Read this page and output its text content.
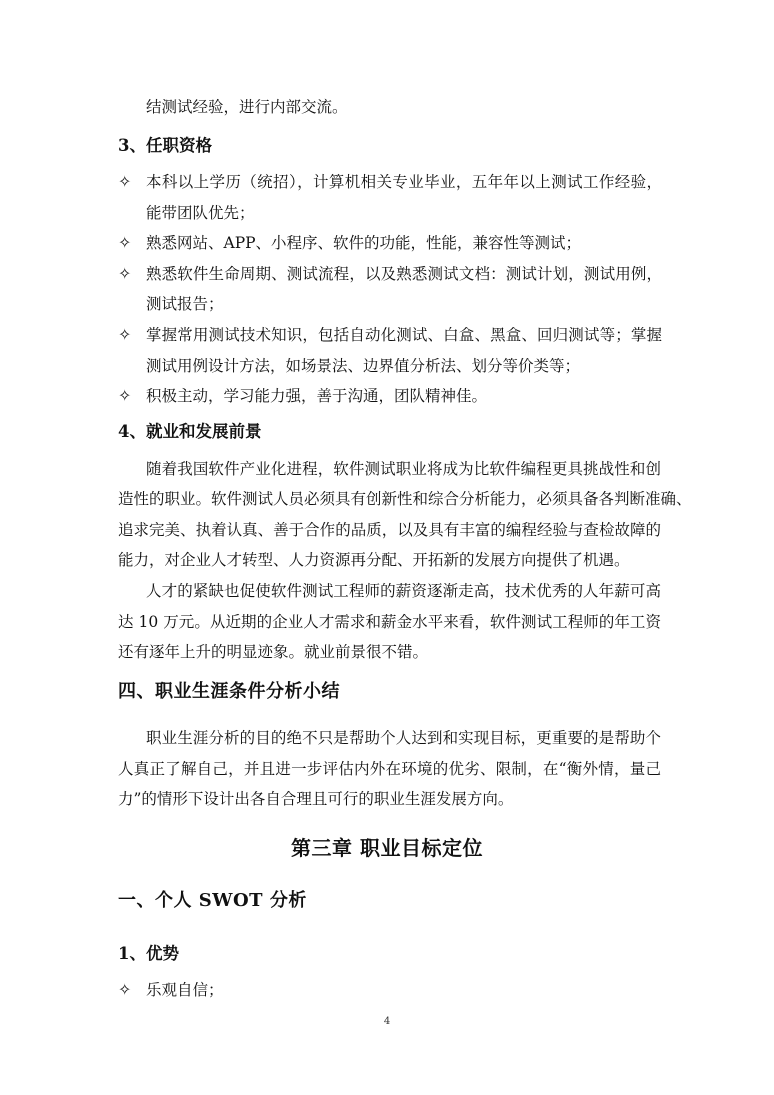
结测试经验，进行内部交流。
3、任职资格
✧ 本科以上学历（统招），计算机相关专业毕业，五年年以上测试工作经验，
能带团队优先；
✧ 熟悉网站、APP、小程序、软件的功能，性能，兼容性等测试；
✧ 熟悉软件生命周期、测试流程，以及熟悉测试文档：测试计划，测试用例，
测试报告；
✧ 掌握常用测试技术知识，包括自动化测试、白盒、黑盒、回归测试等；掌握
测试用例设计方法，如场景法、边界值分析法、划分等价类等；
✧ 积极主动，学习能力强，善于沟通，团队精神佳。
4、就业和发展前景
随着我国软件产业化进程，软件测试职业将成为比软件编程更具挑战性和创
造性的职业。软件测试人员必须具有创新性和综合分析能力，必须具备各判断准确、
追求完美、执着认真、善于合作的品质，以及具有丰富的编程经验与查检故障的
能力，对企业人才转型、人力资源再分配、开拓新的发展方向提供了机遇。
人才的紧缺也促使软件测试工程师的薪资逐渐走高，技术优秀的人年薪可高
达 10 万元。从近期的企业人才需求和薪金水平来看，软件测试工程师的年工资
还有逐年上升的明显迹象。就业前景很不错。
四、职业生涯条件分析小结
职业生涯分析的目的绝不只是帮助个人达到和实现目标，更重要的是帮助个
人真正了解自己，并且进一步评估内外在环境的优劣、限制，在“衡外情，量己
力”的情形下设计出各自合理且可行的职业生涯发展方向。
第三章 职业目标定位
一、个人 SWOT 分析
1、优势
✧ 乐观自信；
4
